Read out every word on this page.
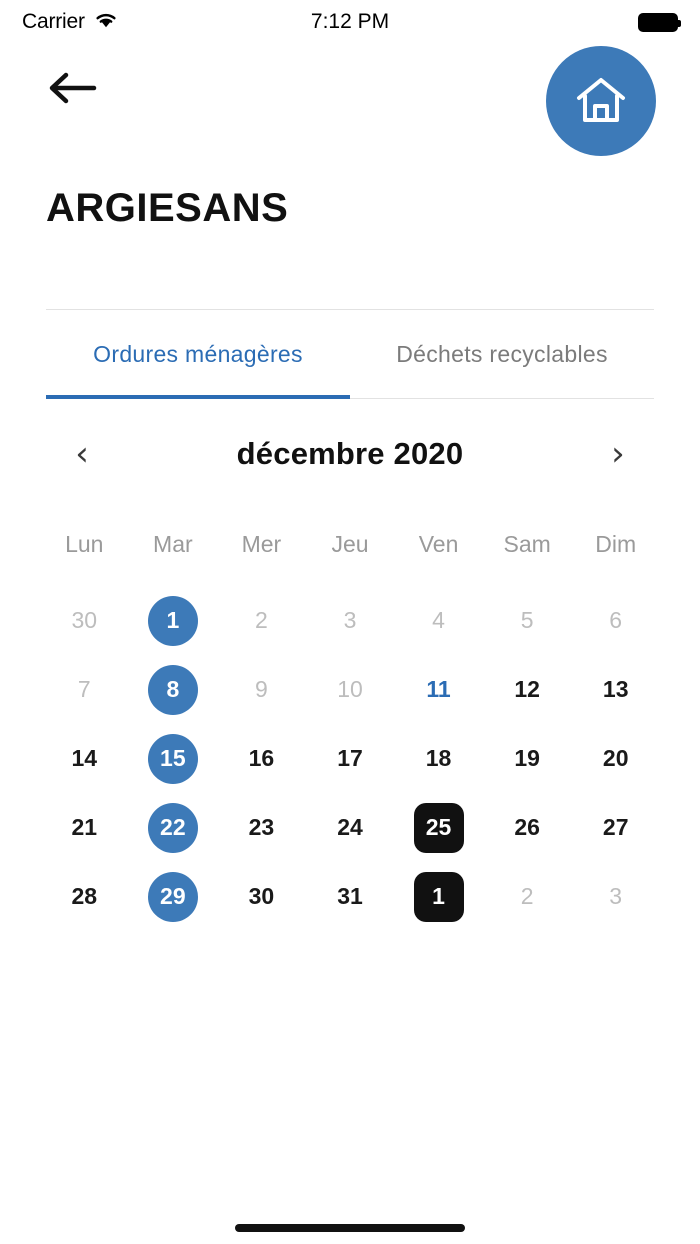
Carrier	7:12 PM
ARGIESANS
Ordures ménagères	Déchets recyclables
‹	décembre 2020	›
Lun	Mar	Mer	Jeu	Ven	Sam	Dim
30	1	2	3	4	5	6
7	8	9	10	11	12	13
14	15	16	17	18	19	20
21	22	23	24	25	26	27
28	29	30	31	1	2	3
